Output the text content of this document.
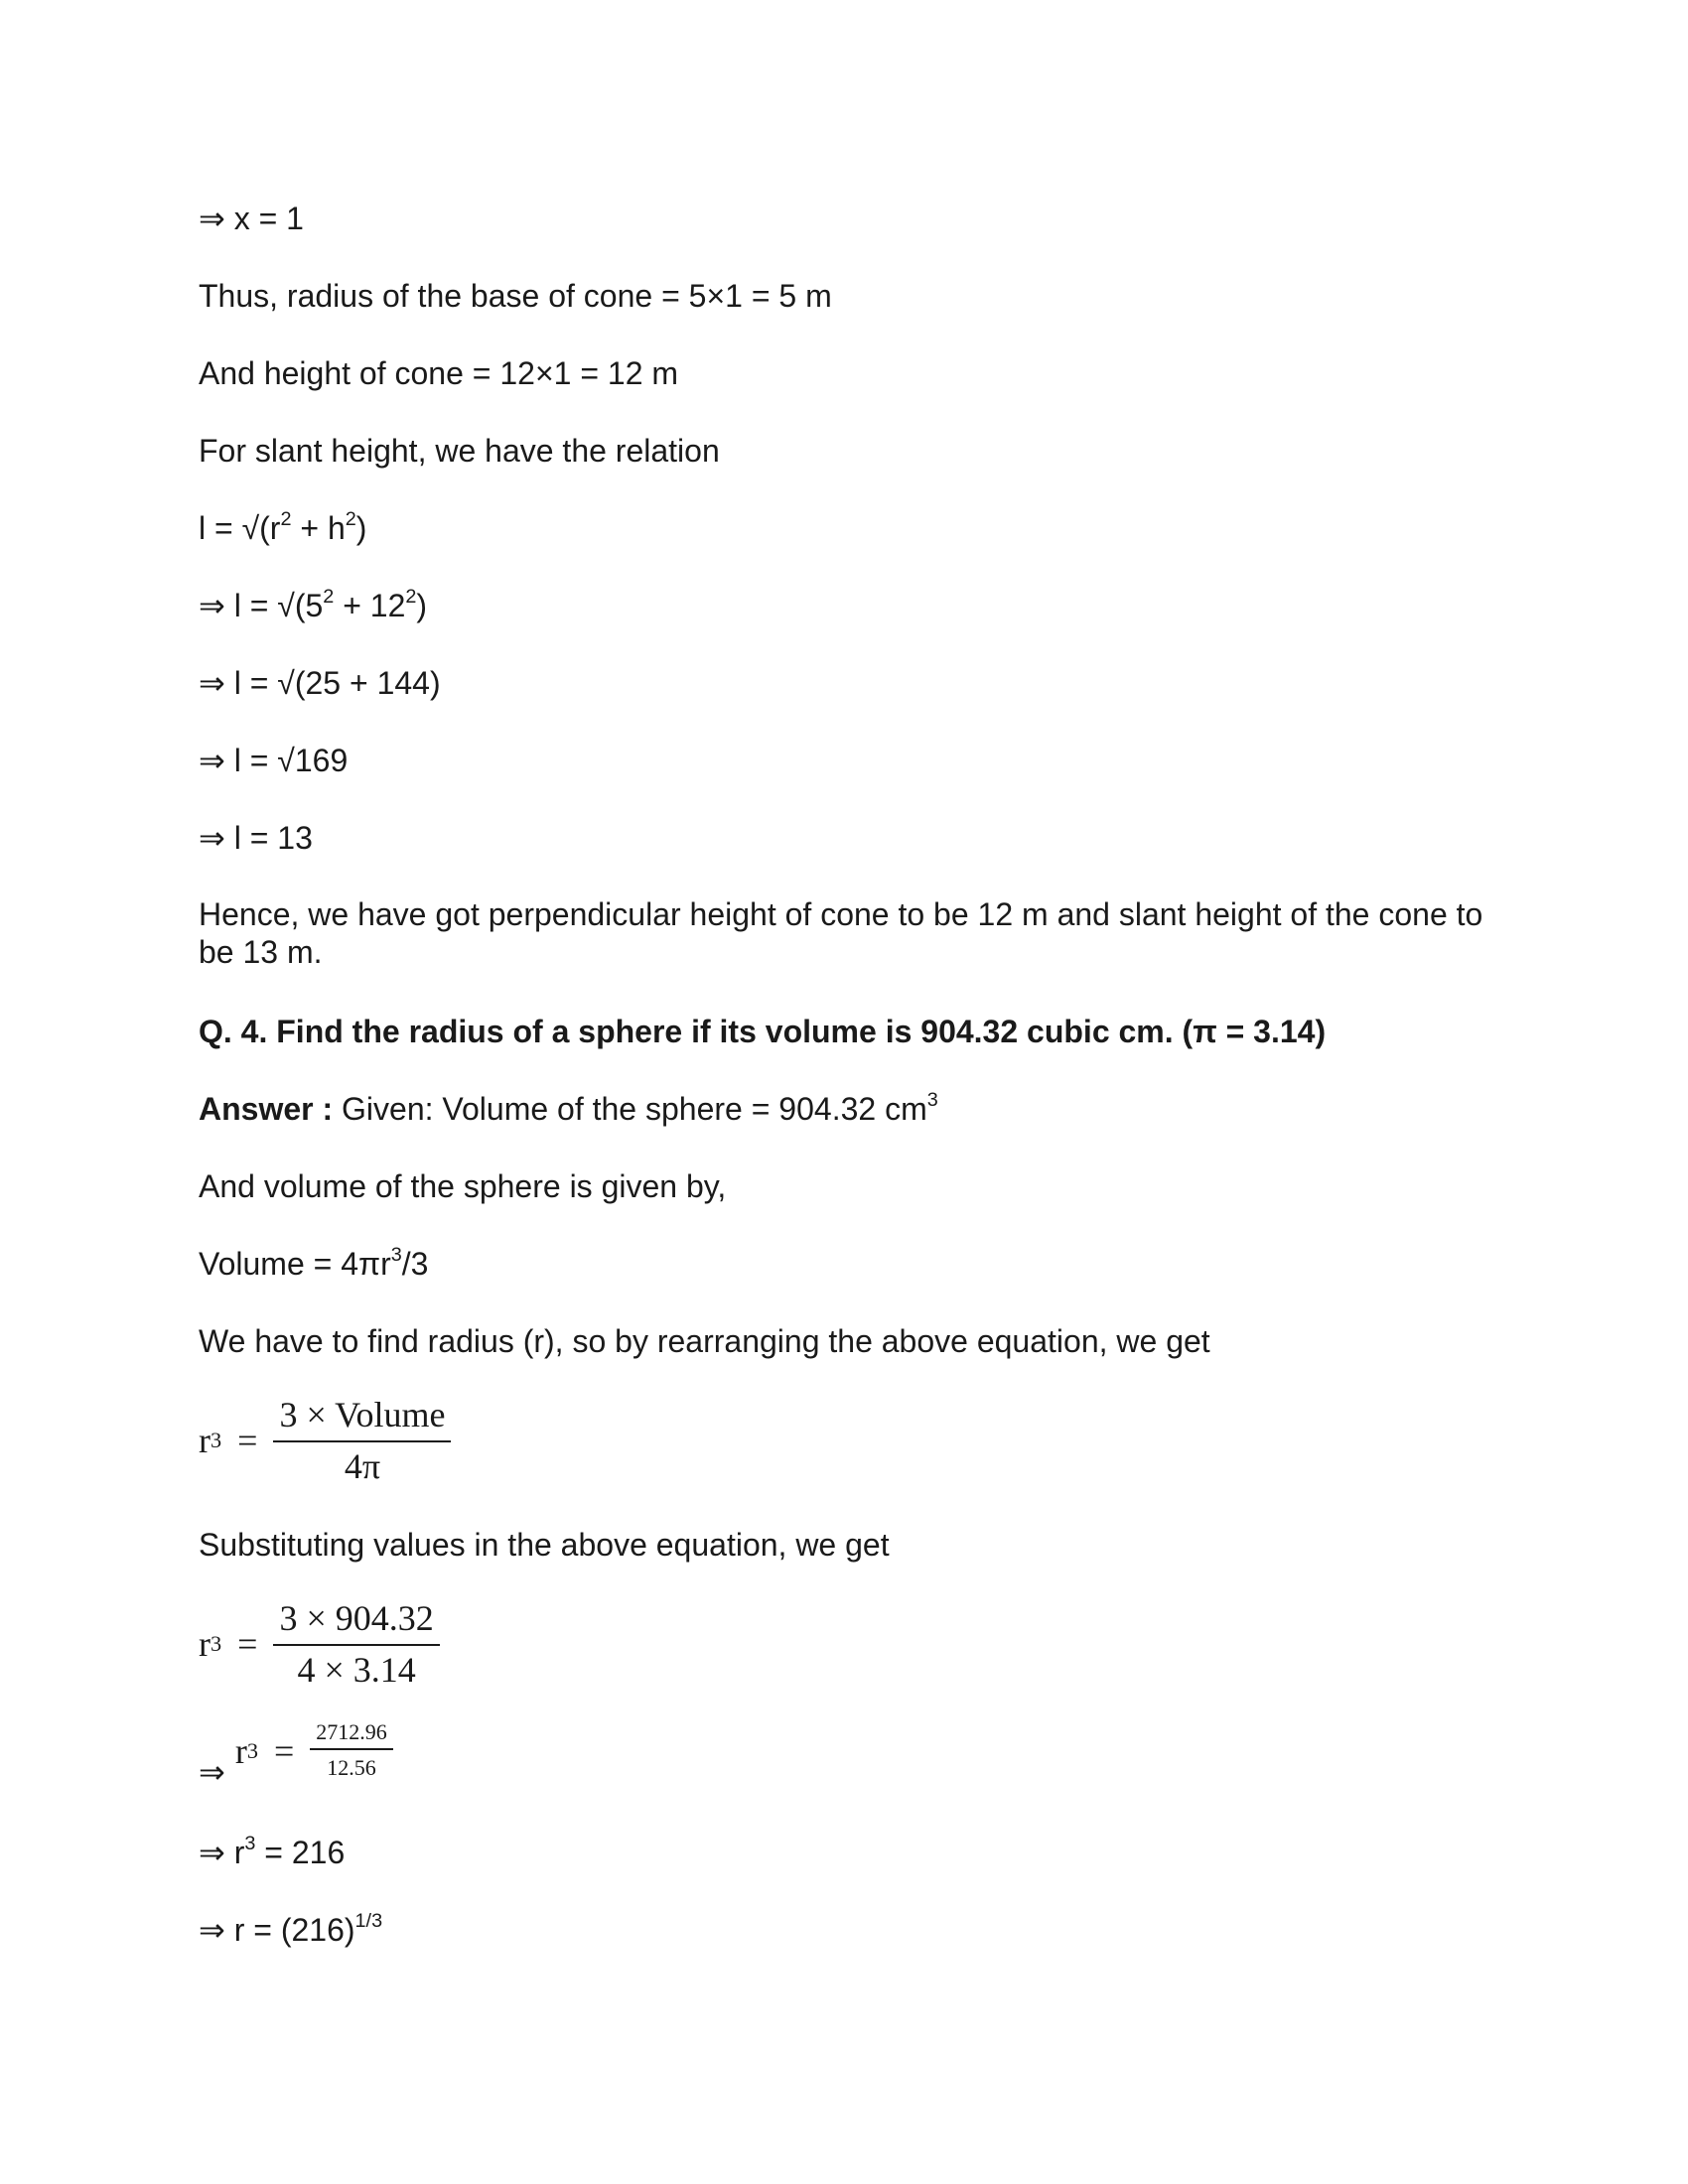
⇒ x = 1

Thus, radius of the base of cone = 5×1 = 5 m

And height of cone = 12×1 = 12 m

For slant height, we have the relation

$l = √(r^2 + h^2)$

⇒ $l = √(5^2 + 12^2)$

⇒ l = √(25 + 144)

⇒ l = √169

⇒ l = 13

Hence, we have got perpendicular height of cone to be 12 m and slant height of the cone to be 13 m.

Q. 4. Find the radius of a sphere if its volume is 904.32 cubic cm. (π = 3.14)

Answer : Given: Volume of the sphere = 904.32 $cm^3$

And volume of the sphere is given by,

Volume = $4\pi r^3/3$

We have to find radius (r), so by rearranging the above equation, we get

r $3 = \frac{\text{3 × Volume}}{4\pi}$

Substituting values in the above equation, we get

r $3 = \frac{3 \times 904.32}{4 \times 3.14}$
⇒
r $3 = \frac{2712.96}{12.56}$

⇒ $r^3 = 216$

⇒ $r = (216)^{1/3}$
